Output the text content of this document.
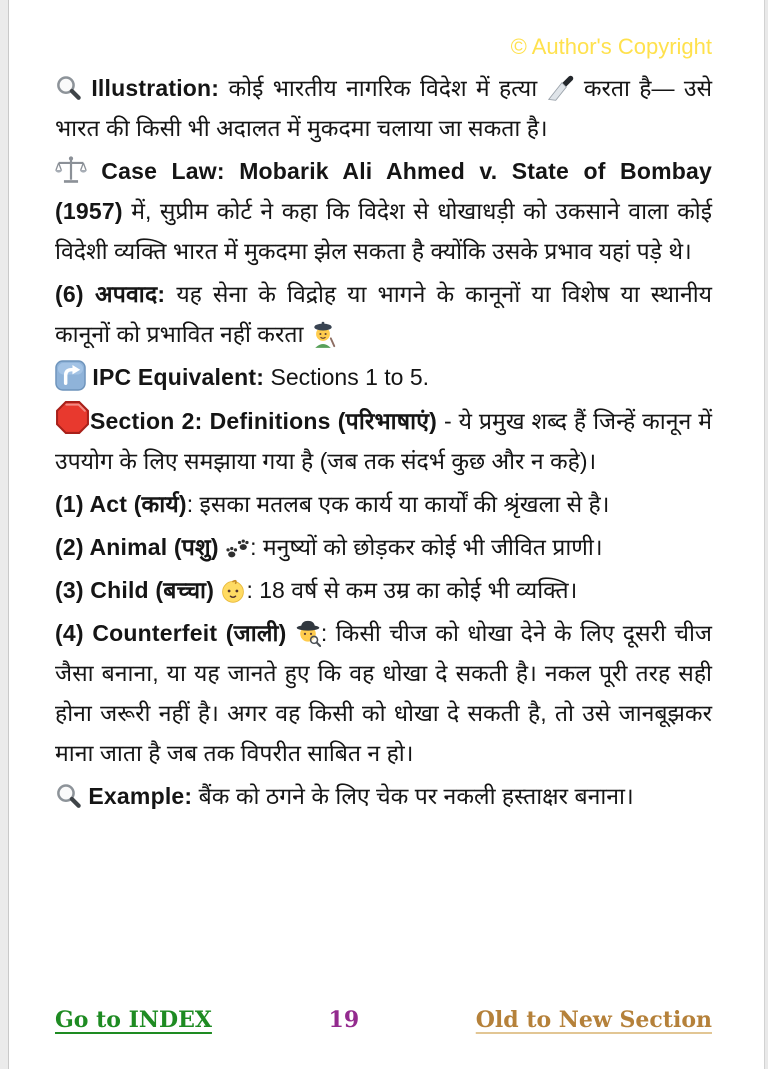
© Author's Copyright

Illustration: कोई भारतीय नागरिक विदेश में हत्या करता है— उसे भारत की किसी भी अदालत में मुकदमा चलाया जा सकता है।

Case Law: Mobarik Ali Ahmed v. State of Bombay (1957) में, सुप्रीम कोर्ट ने कहा कि विदेश से धोखाधड़ी को उकसाने वाला कोई विदेशी व्यक्ति भारत में मुकदमा झेल सकता है क्योंकि उसके प्रभाव यहां पड़े थे।

(6) अपवाद: यह सेना के विद्रोह या भागने के कानूनों या विशेष या स्थानीय कानूनों को प्रभावित नहीं करता

IPC Equivalent: Sections 1 to 5.

Section 2: Definitions (परिभाषाएं) - ये प्रमुख शब्द हैं जिन्हें कानून में उपयोग के लिए समझाया गया है (जब तक संदर्भ कुछ और न कहे)।

(1) Act (कार्य): इसका मतलब एक कार्य या कार्यों की श्रृंखला से है।

(2) Animal (पशु) : मनुष्यों को छोड़कर कोई भी जीवित प्राणी।

(3) Child (बच्चा) : 18 वर्ष से कम उम्र का कोई भी व्यक्ति।

(4) Counterfeit (जाली) : किसी चीज को धोखा देने के लिए दूसरी चीज जैसा बनाना, या यह जानते हुए कि वह धोखा दे सकती है। नकल पूरी तरह सही होना जरूरी नहीं है। अगर वह किसी को धोखा दे सकती है, तो उसे जानबूझकर माना जाता है जब तक विपरीत साबित न हो।

Example: बैंक को ठगने के लिए चेक पर नकली हस्ताक्षर बनाना।

Go to INDEX	19	Old to New Section
